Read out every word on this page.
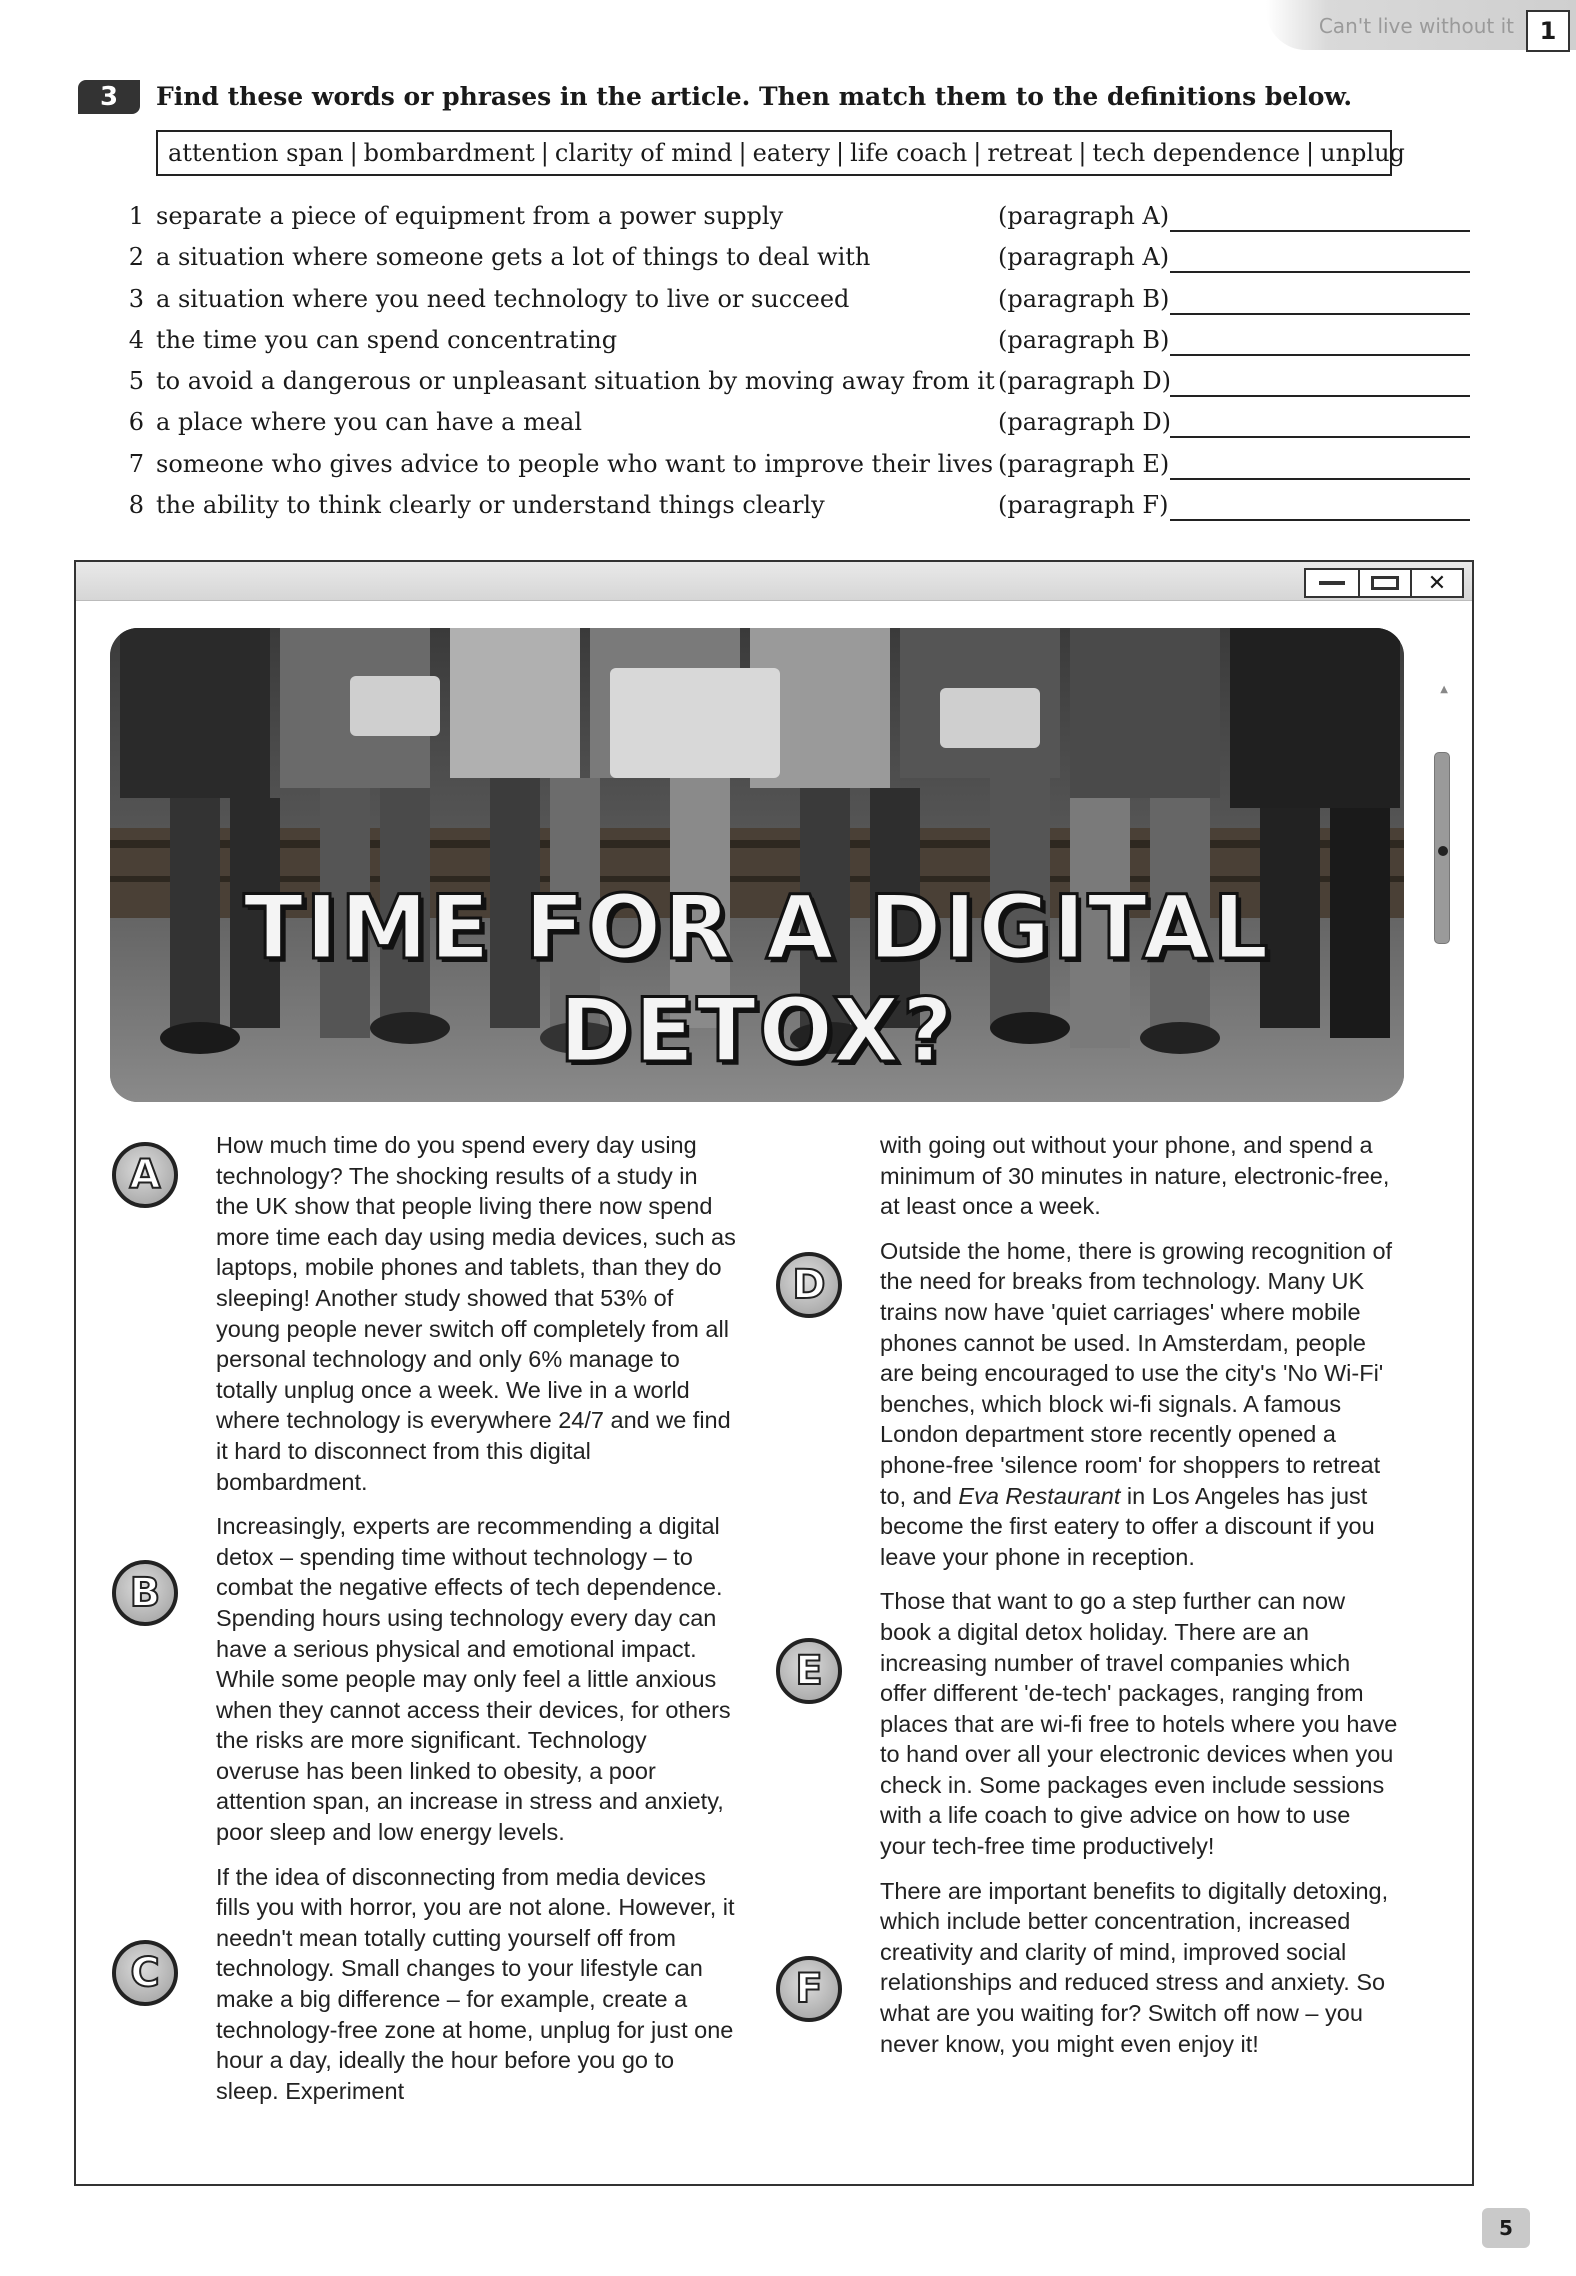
Can't live without it	1
3	Find these words or phrases in the article. Then match them to the definitions below.
attention span | bombardment | clarity of mind | eatery | life coach | retreat | tech dependence | unplug
1 separate a piece of equipment from a power supply	(paragraph A)
2 a situation where someone gets a lot of things to deal with	(paragraph A)
3 a situation where you need technology to live or succeed	(paragraph B)
4 the time you can spend concentrating	(paragraph B)
5 to avoid a dangerous or unpleasant situation by moving away from it (paragraph D)
6 a place where you can have a meal	(paragraph D)
7 someone who gives advice to people who want to improve their lives (paragraph E)
8 the ability to think clearly or understand things clearly	(paragraph F)
✕
▲
TIME FOR A DIGITAL DETOX?
A
B
C
D
E
F

How much time do you spend every day using technology? The shocking results of a study in the UK show that people living there now spend more time each day using media devices, such as laptops, mobile phones and tablets, than they do sleeping! Another study showed that 53% of young people never switch off completely from all personal technology and only 6% manage to totally unplug once a week. We live in a world where technology is everywhere 24/7 and we find it hard to disconnect from this digital bombardment.

Increasingly, experts are recommending a digital detox – spending time without technology – to combat the negative effects of tech dependence. Spending hours using technology every day can have a serious physical and emotional impact. While some people may only feel a little anxious when they cannot access their devices, for others the risks are more significant. Technology overuse has been linked to obesity, a poor attention span, an increase in stress and anxiety, poor sleep and low energy levels.

If the idea of disconnecting from media devices fills you with horror, you are not alone. However, it needn't mean totally cutting yourself off from technology. Small changes to your lifestyle can make a big difference – for example, create a technology-free zone at home, unplug for just one hour a day, ideally the hour before you go to sleep. Experiment

with going out without your phone, and spend a minimum of 30 minutes in nature, electronic-free, at least once a week.

Outside the home, there is growing recognition of the need for breaks from technology. Many UK trains now have 'quiet carriages' where mobile phones cannot be used. In Amsterdam, people are being encouraged to use the city's 'No Wi-Fi' benches, which block wi-fi signals. A famous London department store recently opened a phone-free 'silence room' for shoppers to retreat to, and Eva Restaurant in Los Angeles has just become the first eatery to offer a discount if you leave your phone in reception.

Those that want to go a step further can now book a digital detox holiday. There are an increasing number of travel companies which offer different 'de-tech' packages, ranging from places that are wi-fi free to hotels where you have to hand over all your electronic devices when you check in. Some packages even include sessions with a life coach to give advice on how to use your tech-free time productively!

There are important benefits to digitally detoxing, which include better concentration, increased creativity and clarity of mind, improved social relationships and reduced stress and anxiety. So what are you waiting for? Switch off now – you never know, you might even enjoy it!

5
